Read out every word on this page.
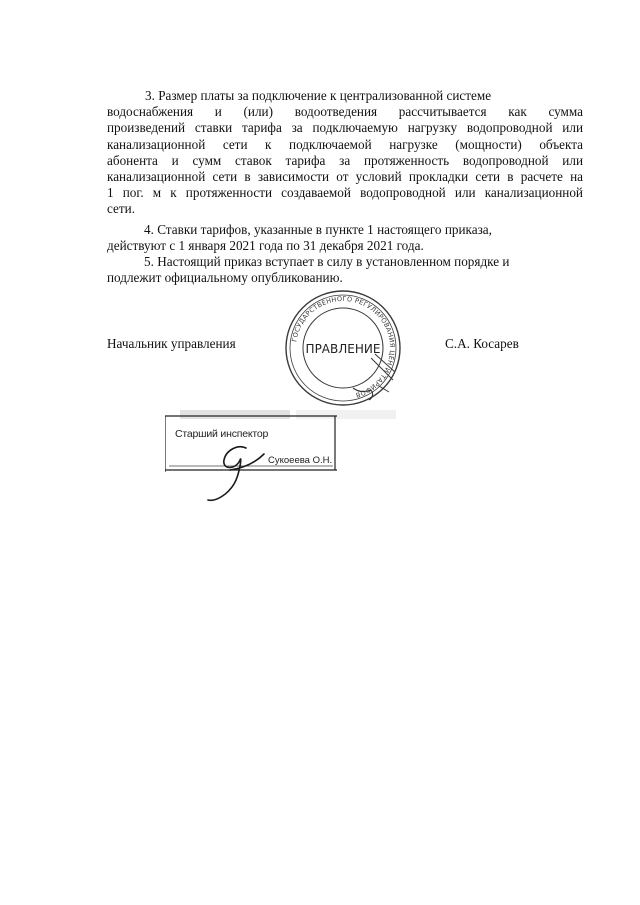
3. Размер платы за подключение к централизованной системе
водоснабжения и (или) водоотведения рассчитывается как сумма
произведений ставки тарифа за подключаемую нагрузку водопроводной или
канализационной сети к подключаемой нагрузке (мощности) объекта
абонента и сумм ставок тарифа за протяженность водопроводной или
канализационной сети в зависимости от условий прокладки сети в расчете на
1 пог. м к протяженности создаваемой водопроводной или канализационной
сети.
4. Ставки тарифов, указанные в пункте 1 настоящего приказа,
действуют с 1 января 2021 года по 31 декабря 2021 года.
5. Настоящий приказ вступает в силу в установленном порядке и
подлежит официальному опубликованию.
Начальник управления	С.А. Косарев
ГОСУДАРСТВЕННОГО РЕГУЛИРОВАНИЯ ЦЕН И ТАРИФОВ
ПРАВЛЕНИЕ
Старший инспектор
Сукоеева О.Н.
